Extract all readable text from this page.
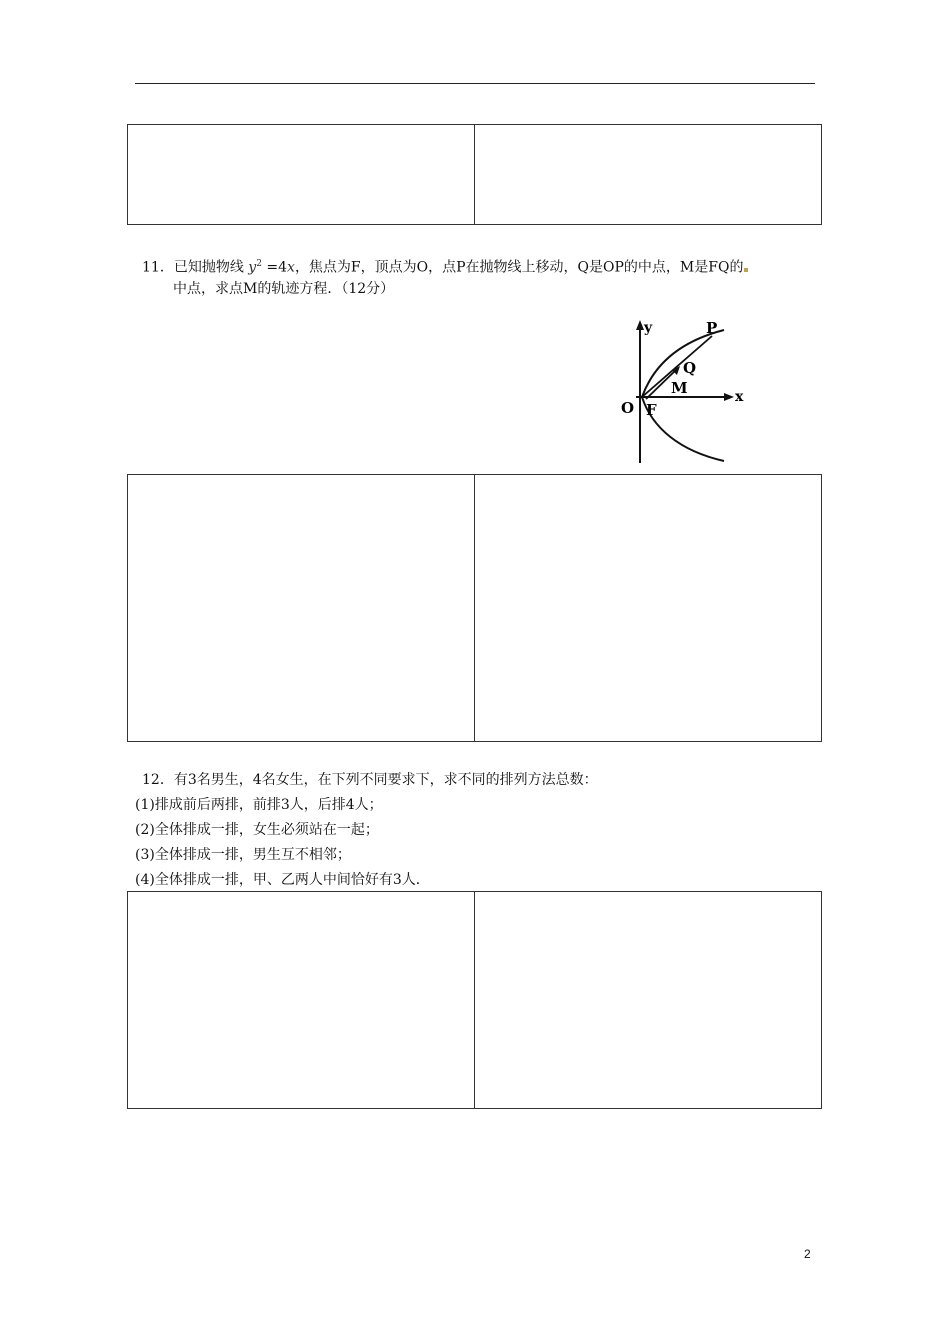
11．已知抛物线 $y^2 =4x$，焦点为F，顶点为O，点P在抛物线上移动，Q是OP的中点，M是FQ的
中点，求点M的轨迹方程．（12分）
y
x
O F
P
Q
M
12．有3名男生，4名女生，在下列不同要求下，求不同的排列方法总数：
(1)排成前后两排，前排3人，后排4人；
(2)全体排成一排，女生必须站在一起；
(3)全体排成一排，男生互不相邻；
(4)全体排成一排，甲、乙两人中间恰好有3人．
2
